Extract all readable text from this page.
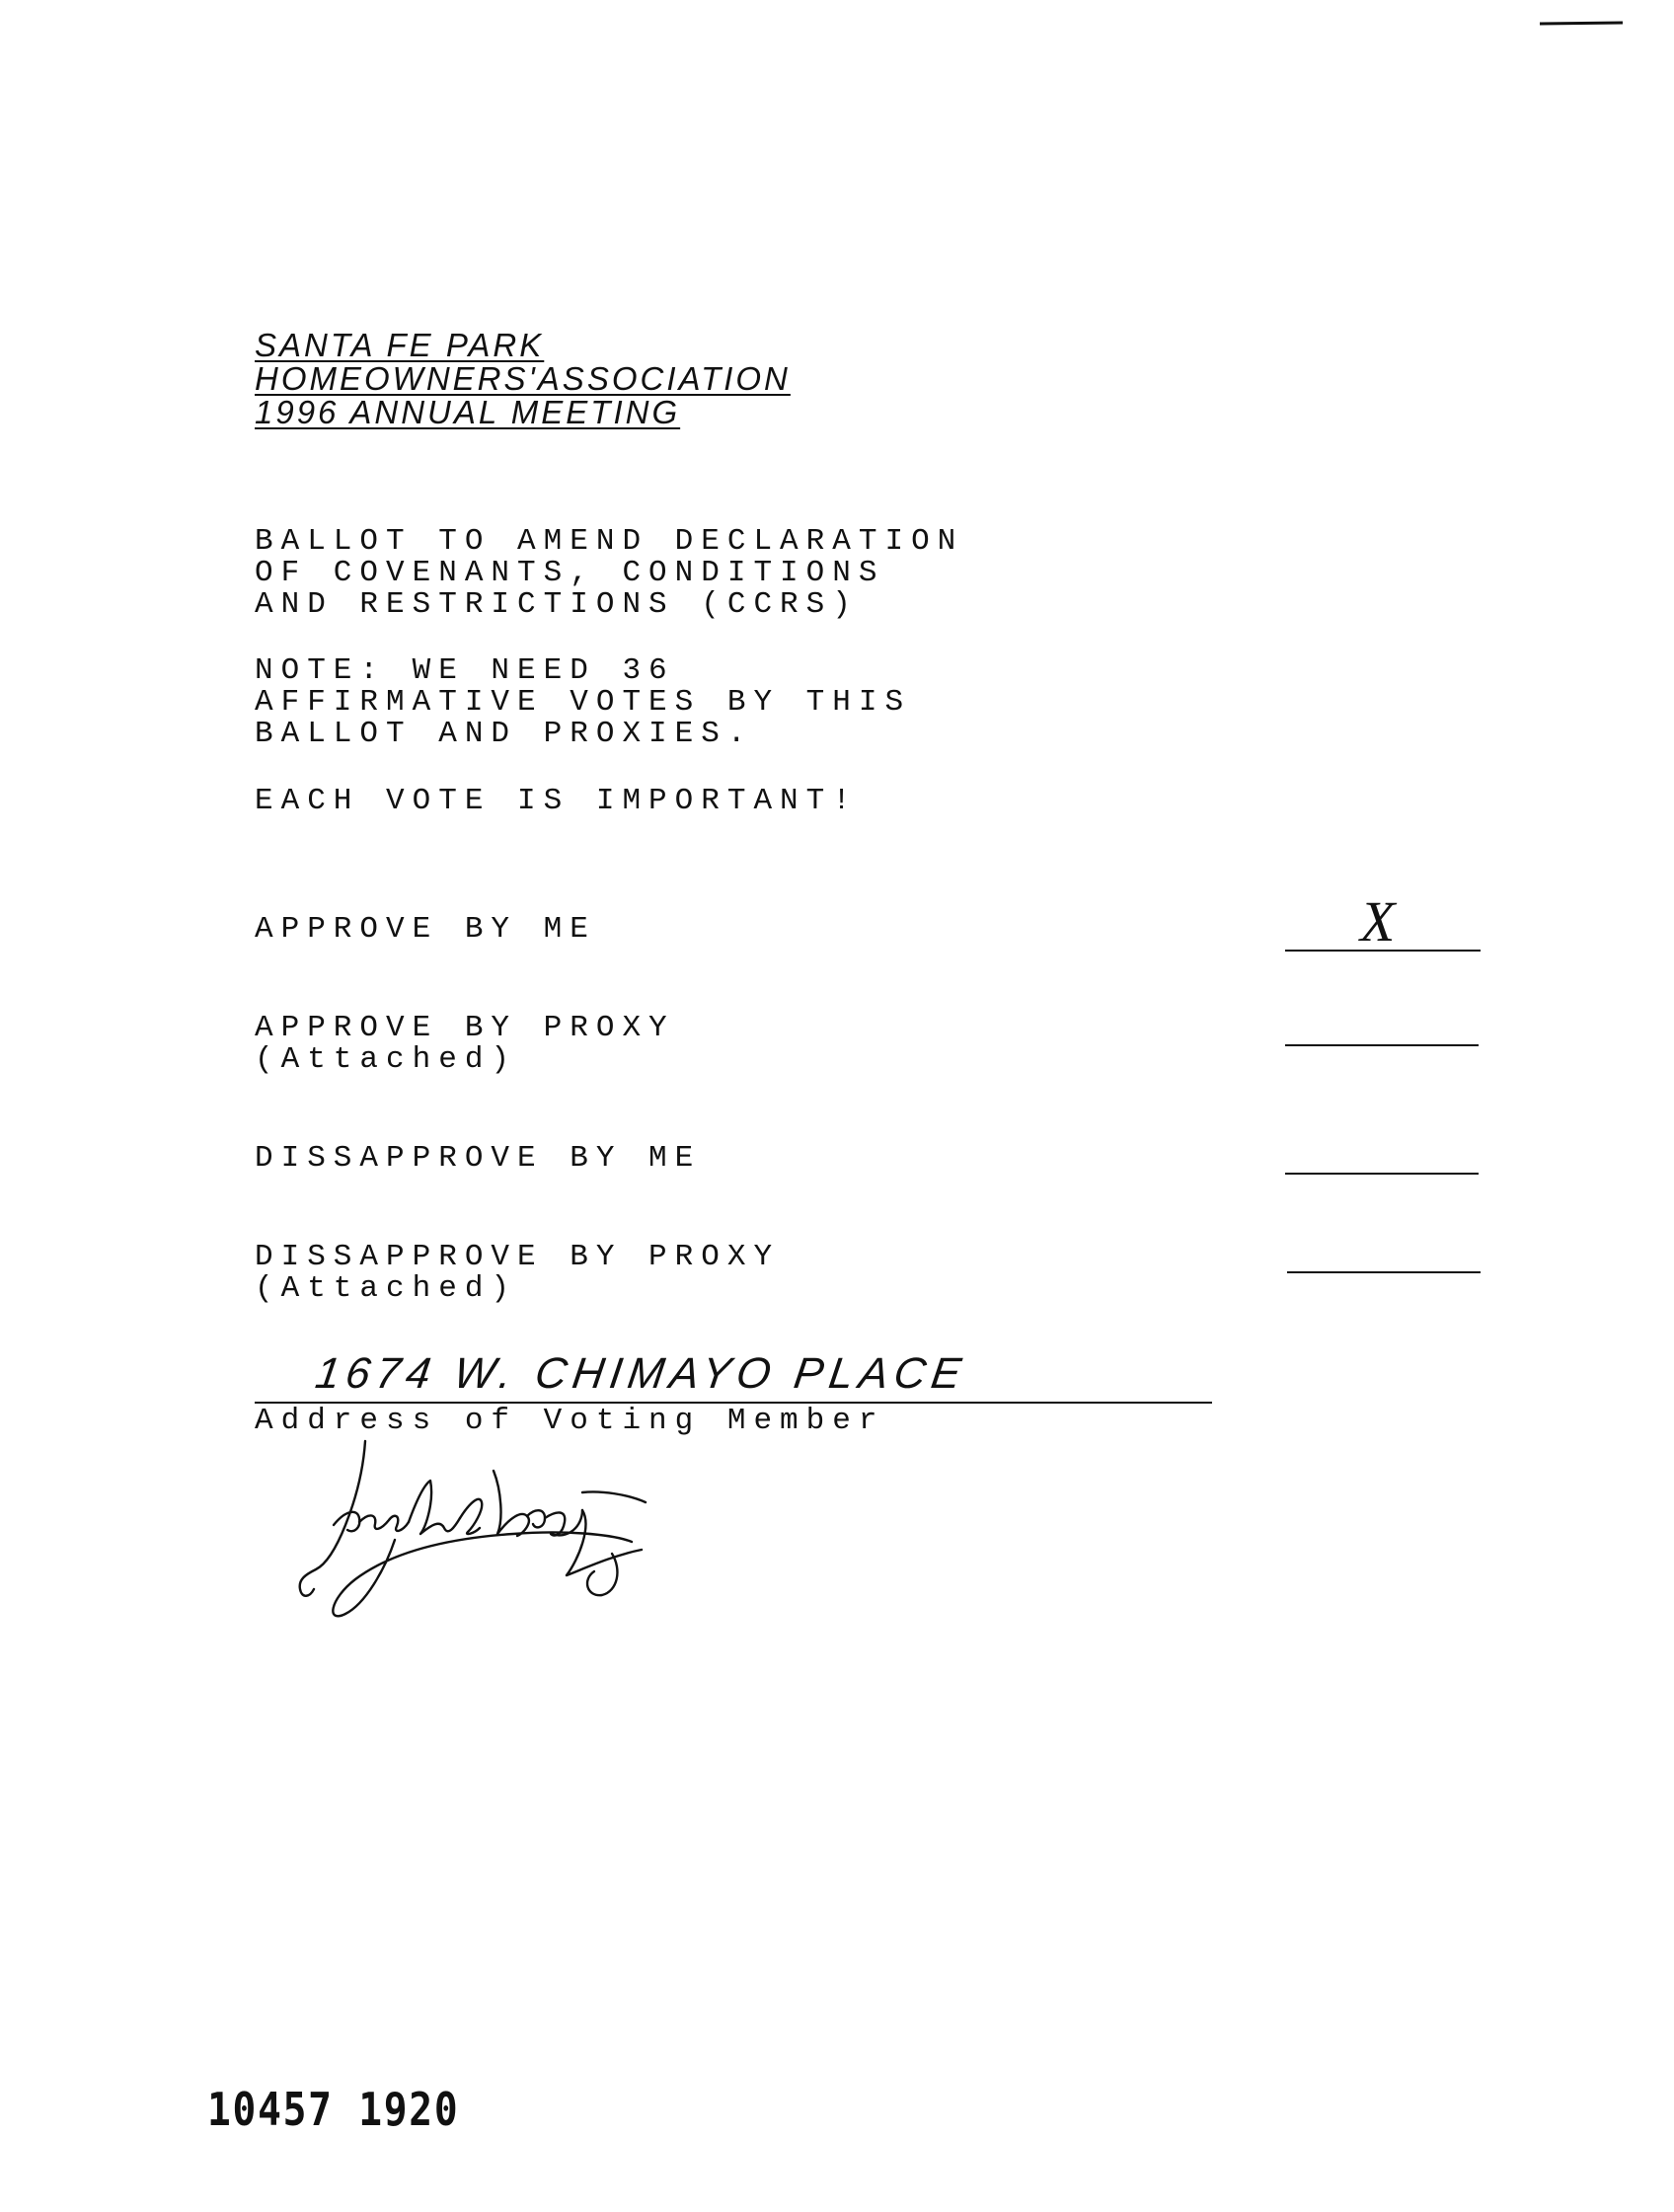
SANTA FE PARK
HOMEOWNERS'ASSOCIATION
1996 ANNUAL MEETING
BALLOT TO AMEND DECLARATION
OF COVENANTS, CONDITIONS
AND RESTRICTIONS (CCRS)
NOTE: WE NEED 36
AFFIRMATIVE VOTES BY THIS
BALLOT AND PROXIES.
EACH VOTE IS IMPORTANT!
APPROVE BY ME	X
APPROVE BY PROXY
(Attached)
DISSAPPROVE BY ME
DISSAPPROVE BY PROXY
(Attached)
1674 W. CHIMAYO PLACE
Address of Voting Member
10457 1920
